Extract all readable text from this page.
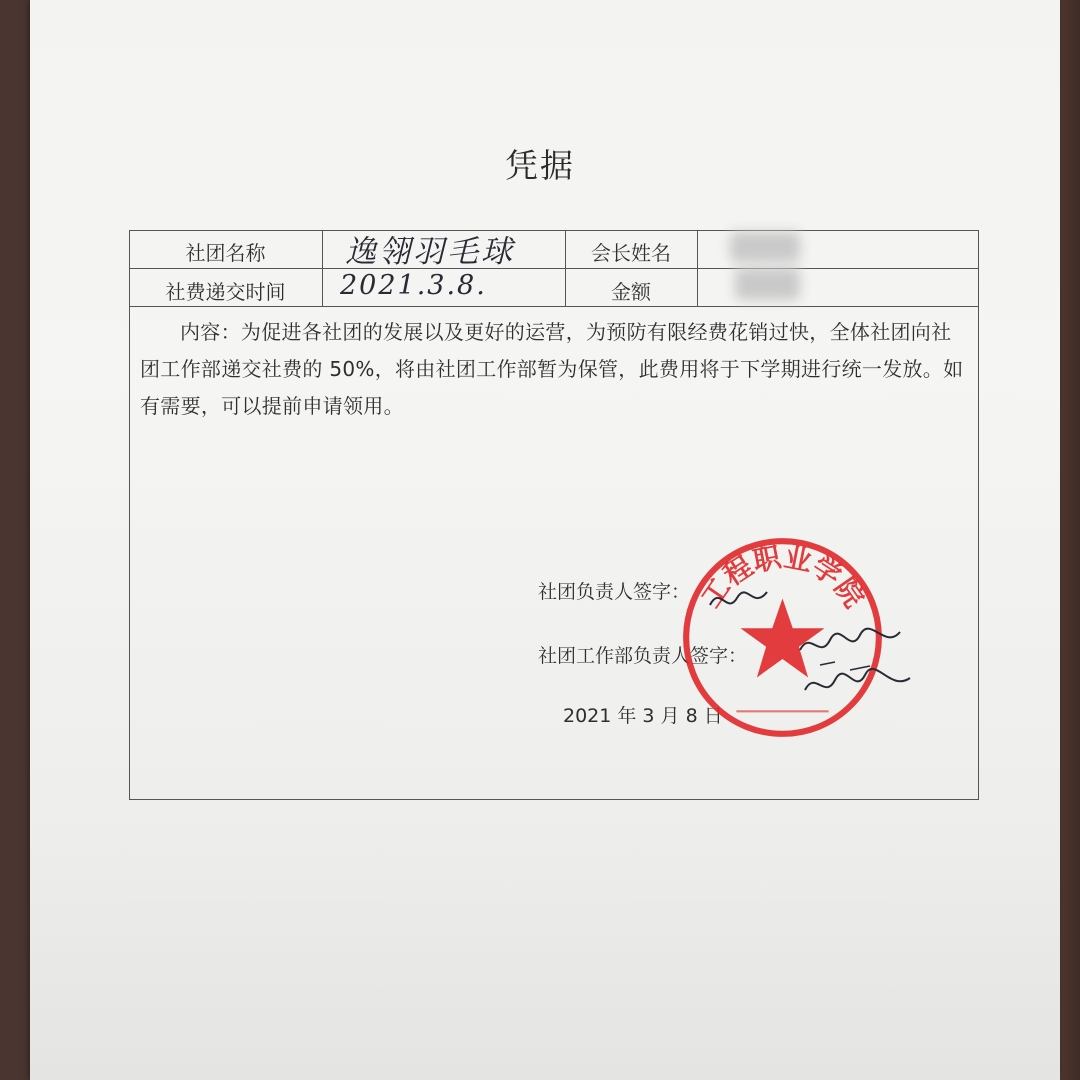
凭据
社团名称	逸翎羽毛球	会长姓名
社费递交时间	2021.3.8.	金额
内容：为促进各社团的发展以及更好的运营，为预防有限经费花销过快，全体社团向社团工作部递交社费的 50%，将由社团工作部暂为保管，此费用将于下学期进行统一发放。如有需要，可以提前申请领用。
社团负责人签字：
社团工作部负责人签字：
2021 年 3 月 8 日
工程职业学院
